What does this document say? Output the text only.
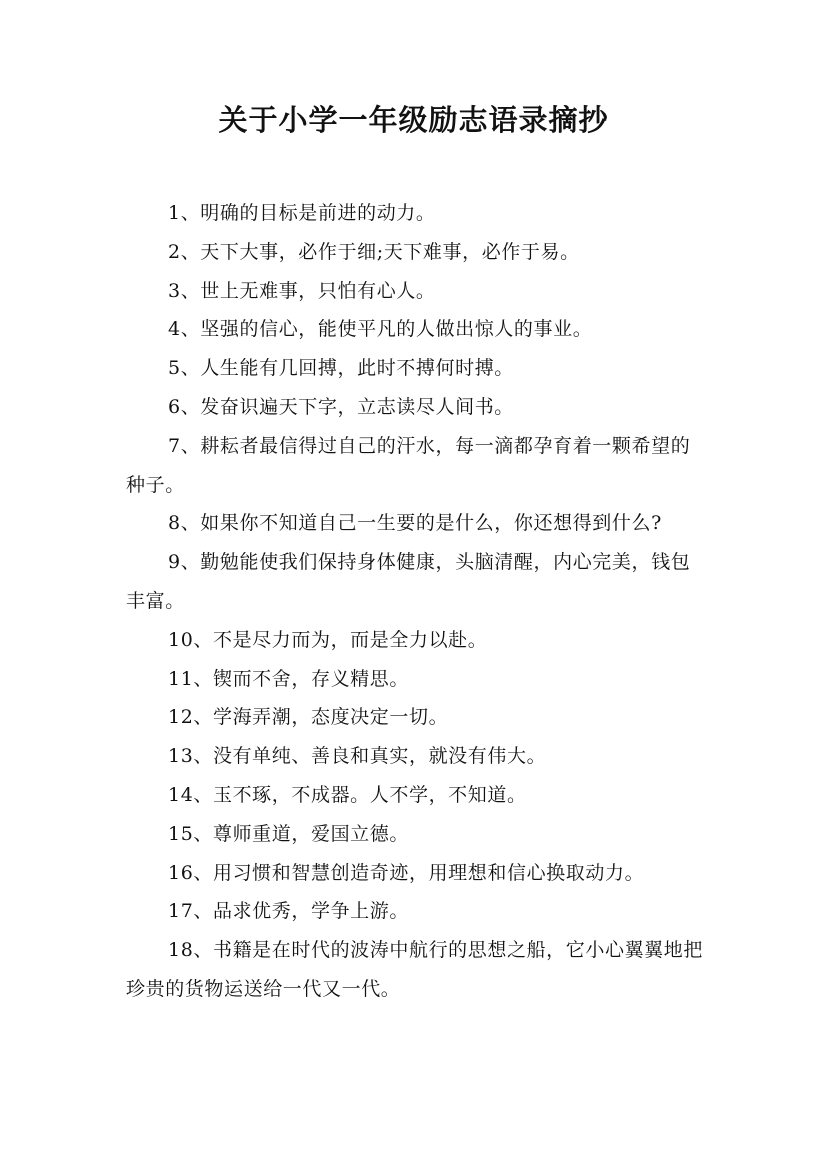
关于小学一年级励志语录摘抄
1、明确的目标是前进的动力。
2、天下大事，必作于细;天下难事，必作于易。
3、世上无难事，只怕有心人。
4、坚强的信心，能使平凡的人做出惊人的事业。
5、人生能有几回搏，此时不搏何时搏。
6、发奋识遍天下字，立志读尽人间书。
7、耕耘者最信得过自己的汗水，每一滴都孕育着一颗希望的种子。
8、如果你不知道自己一生要的是什么，你还想得到什么?
9、勤勉能使我们保持身体健康，头脑清醒，内心完美，钱包丰富。
10、不是尽力而为，而是全力以赴。
11、锲而不舍，存义精思。
12、学海弄潮，态度决定一切。
13、没有单纯、善良和真实，就没有伟大。
14、玉不琢，不成器。人不学，不知道。
15、尊师重道，爱国立德。
16、用习惯和智慧创造奇迹，用理想和信心换取动力。
17、品求优秀，学争上游。
18、书籍是在时代的波涛中航行的思想之船，它小心翼翼地把珍贵的货物运送给一代又一代。
